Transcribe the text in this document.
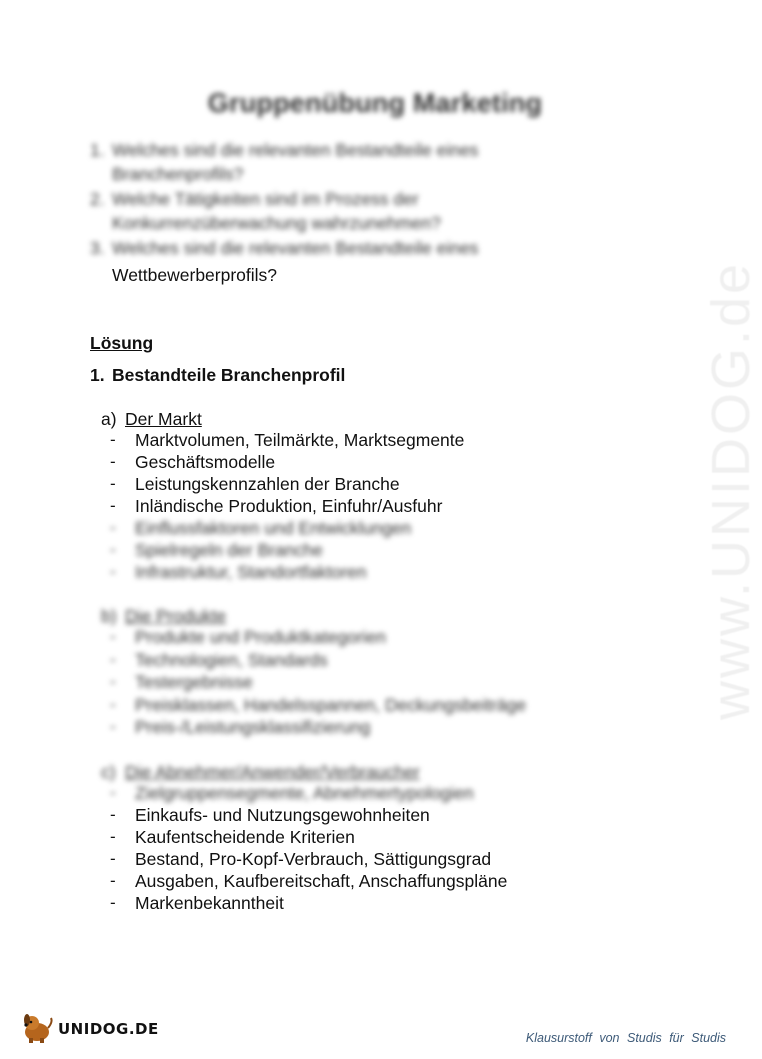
www.UNIDOG.de
Gruppenübung Marketing
1. Welches sind die relevanten Bestandteile eines
Branchenprofils?
2. Welche Tätigkeiten sind im Prozess der
Konkurrenzüberwachung wahrzunehmen?
3. Welches sind die relevanten Bestandteile eines
Wettbewerberprofils?
Lösung
1. Bestandteile Branchenprofil
a) Der Markt
- Marktvolumen, Teilmärkte, Marktsegmente
- Geschäftsmodelle
- Leistungskennzahlen der Branche
- Inländische Produktion, Einfuhr/Ausfuhr
- Einflussfaktoren und Entwicklungen
- Spielregeln der Branche
- Infrastruktur, Standortfaktoren
b) Die Produkte
- Produkte und Produktkategorien
- Technologien, Standards
- Testergebnisse
- Preisklassen, Handelsspannen, Deckungsbeiträge
- Preis-/Leistungsklassifizierung
c) Die Abnehmer/Anwender/Verbraucher
- Zielgruppensegmente, Abnehmertypologien
- Einkaufs- und Nutzungsgewohnheiten
- Kaufentscheidende Kriterien
- Bestand, Pro-Kopf-Verbrauch, Sättigungsgrad
- Ausgaben, Kaufbereitschaft, Anschaffungspläne
- Markenbekanntheit
UNIDOG.DE	Klausurstoff von Studis für Studis
